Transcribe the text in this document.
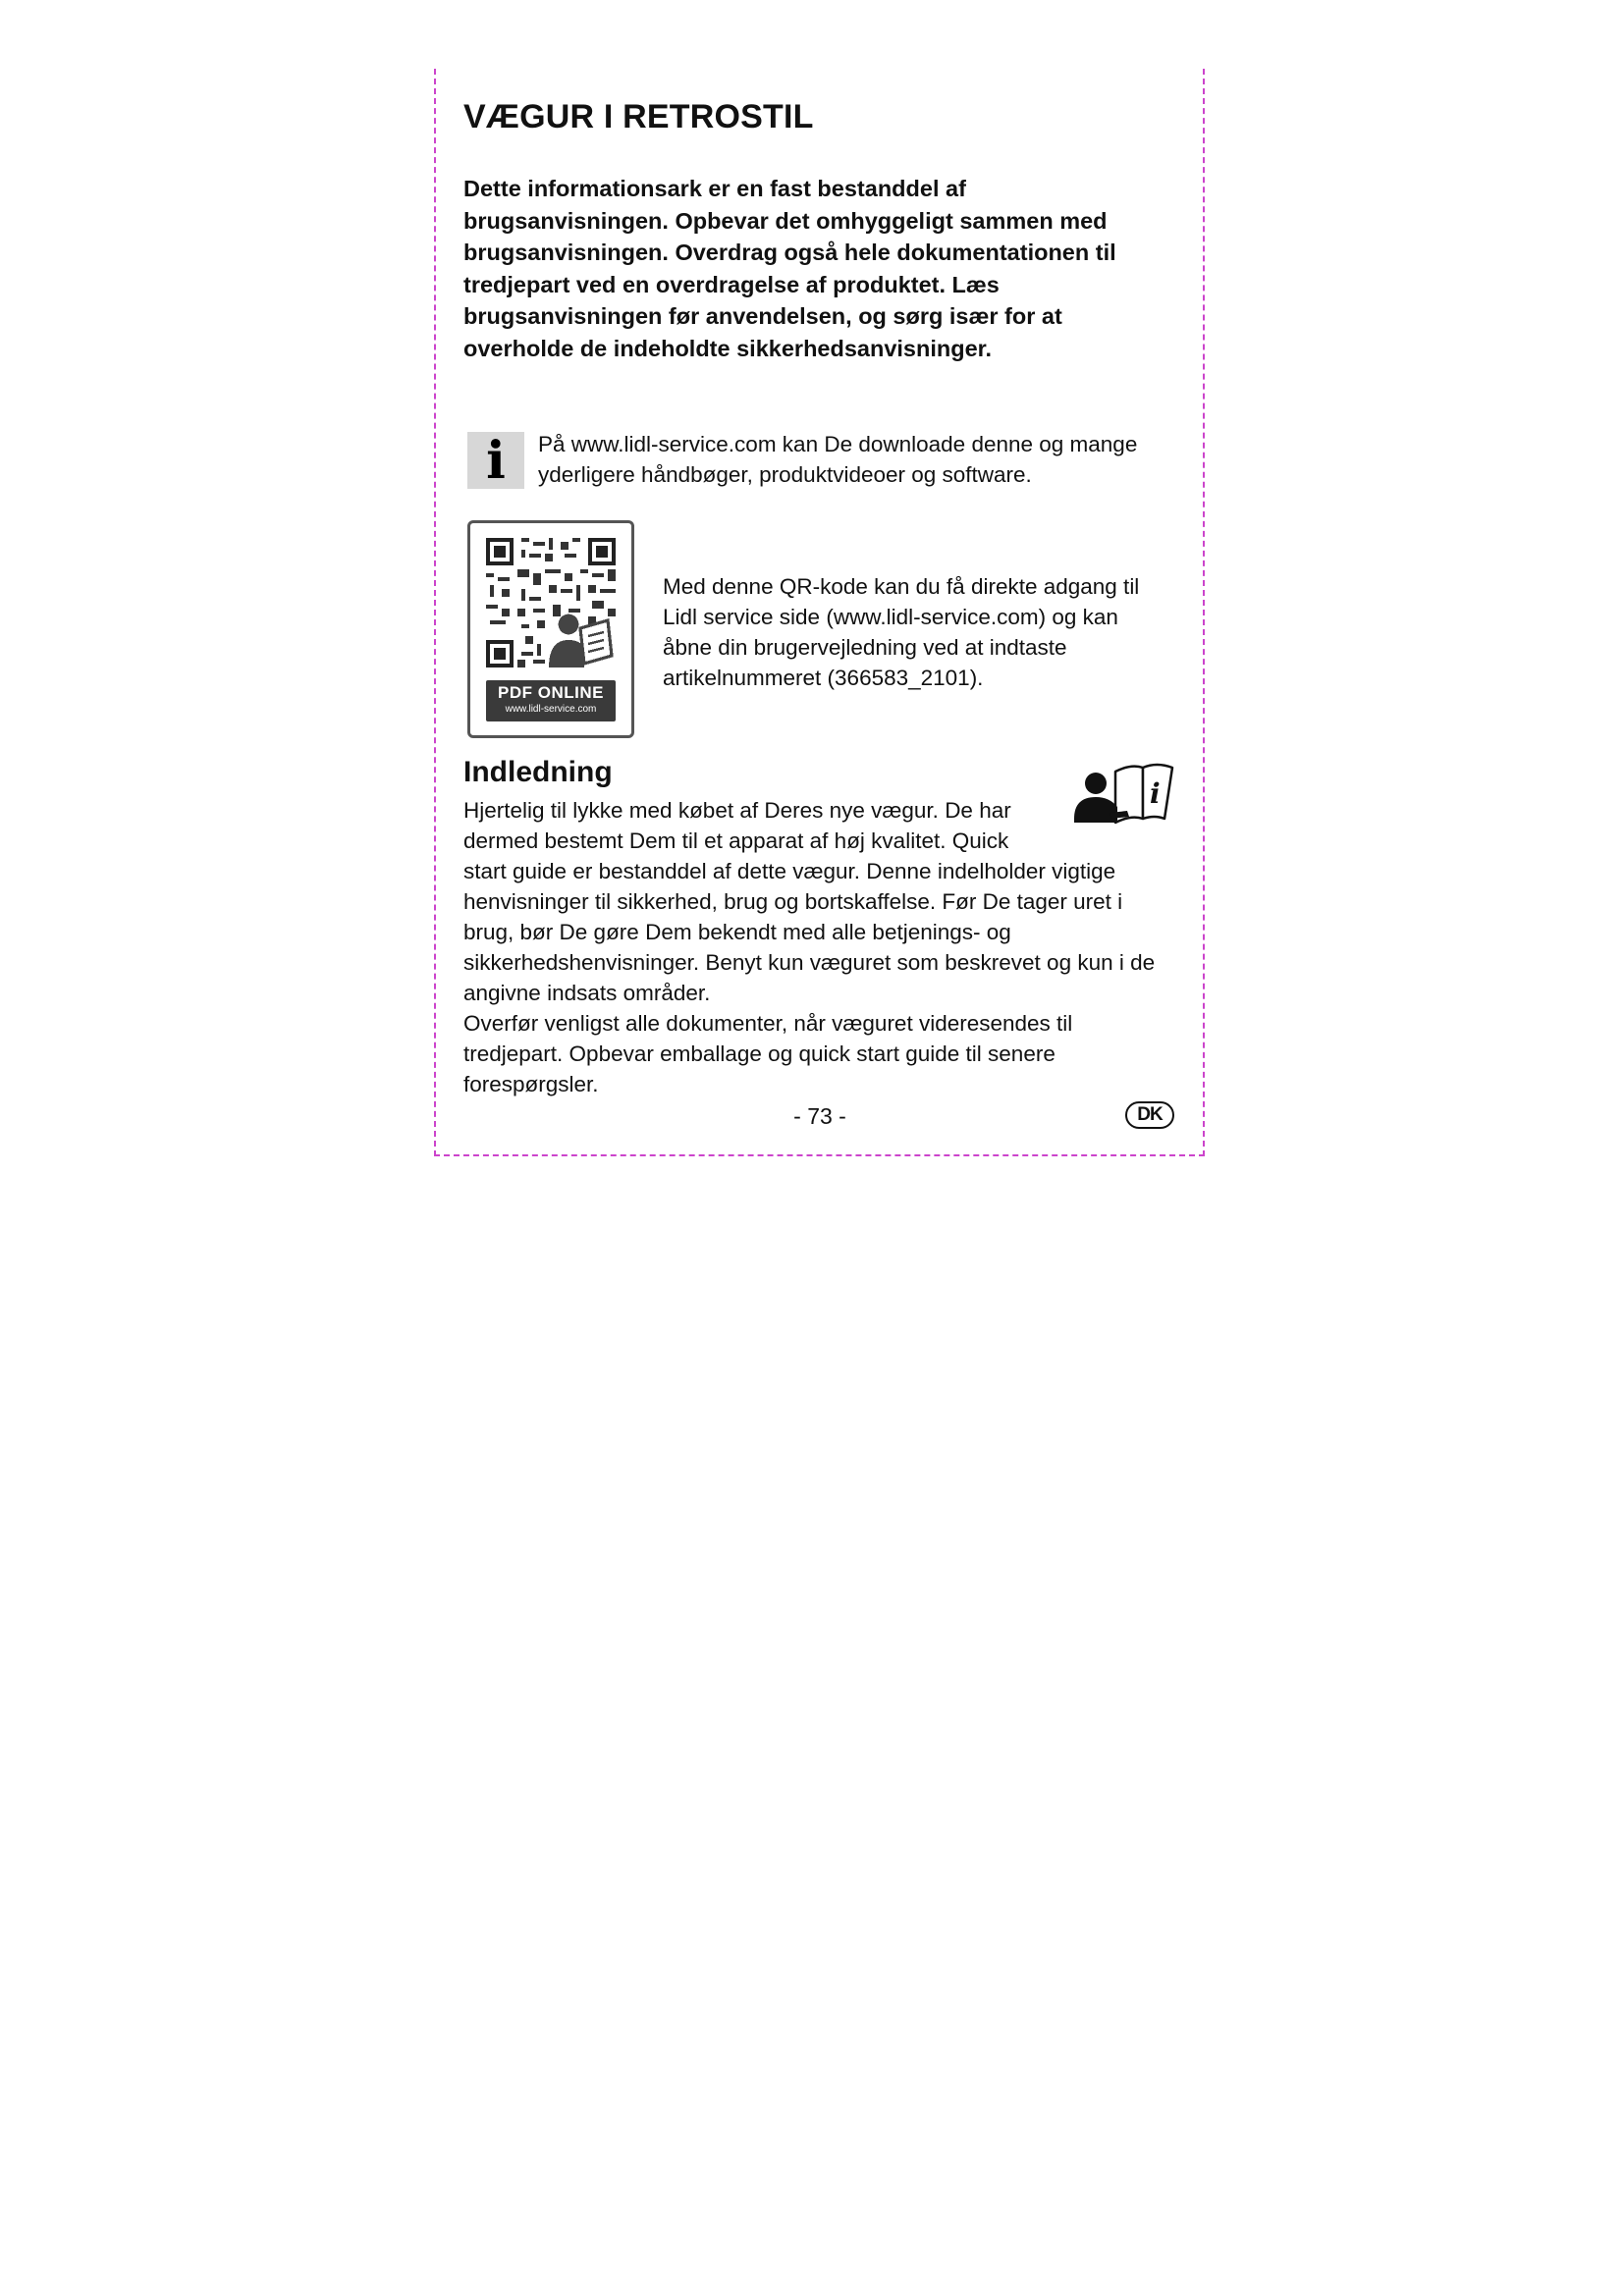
VÆGUR I RETROSTIL
Dette informationsark er en fast bestanddel af brugsanvisningen. Opbevar det omhyggeligt sammen med brugsanvisningen. Overdrag også hele dokumentationen til tredjepart ved en overdragelse af produktet. Læs brugsanvisningen før anvendelsen, og sørg især for at overholde de indeholdte sikkerhedsanvisninger.
i	På www.lidl-service.com kan De downloade denne og mange yderligere håndbøger, produktvideoer og software.
PDF ONLINE
www.lidl-service.com
Med denne QR-kode kan du få direkte adgang til Lidl service side (www.lidl-service.com) og kan åbne din brugervejledning ved at indtaste artikelnummeret (366583_2101).
Indledning
i

Hjertelig til lykke med købet af Deres nye vægur. De har dermed bestemt Dem til et apparat af høj kvalitet. Quick start guide er bestanddel af dette vægur. Denne indelholder vigtige henvisninger til sikkerhed, brug og bortskaffelse. Før De tager uret i brug, bør De gøre Dem bekendt med alle betjenings- og sikkerhedshenvisninger. Benyt kun væguret som beskrevet og kun i de angivne indsats områder.

Overfør venligst alle dokumenter, når væguret videresendes til tredjepart. Opbevar emballage og quick start guide til senere forespørgsler.

- 73 -	DK
